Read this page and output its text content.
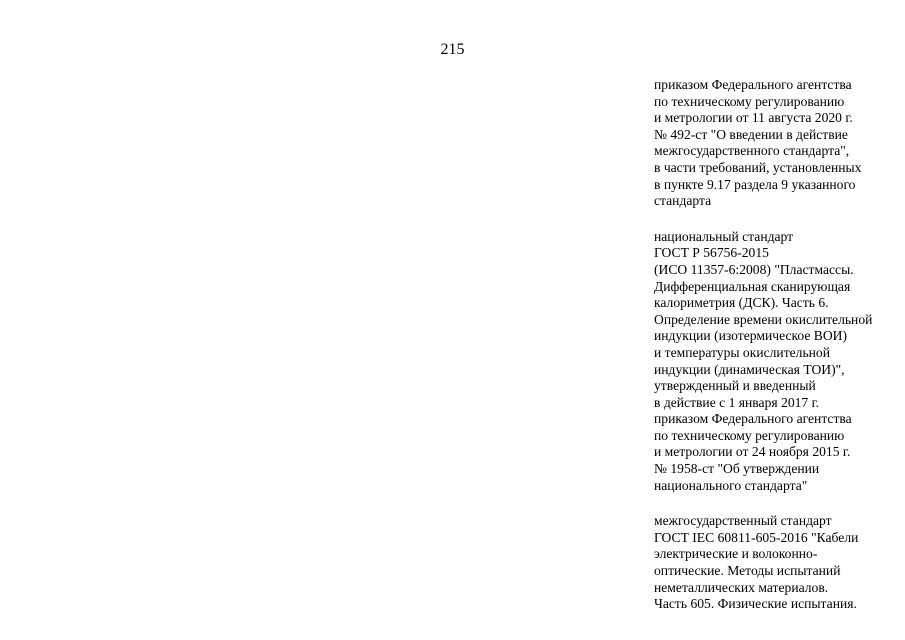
215
приказом Федерального агентства
по техническому регулированию
и метрологии от 11 августа 2020 г.
№ 492-ст "О введении в действие
межгосударственного стандарта",
в части требований, установленных
в пункте 9.17 раздела 9 указанного
стандарта
национальный стандарт
ГОСТ Р 56756-2015
(ИСО 11357-6:2008) "Пластмассы.
Дифференциальная сканирующая
калориметрия (ДСК). Часть 6.
Определение времени окислительной
индукции (изотермическое ВОИ)
и температуры окислительной
индукции (динамическая ТОИ)",
утвержденный и введенный
в действие с 1 января 2017 г.
приказом Федерального агентства
по техническому регулированию
и метрологии от 24 ноября 2015 г.
№ 1958-ст "Об утверждении
национального стандарта"
межгосударственный стандарт
ГОСТ IEC 60811-605-2016 "Кабели
электрические и волоконно-
оптические. Методы испытаний
неметаллических материалов.
Часть 605. Физические испытания.
